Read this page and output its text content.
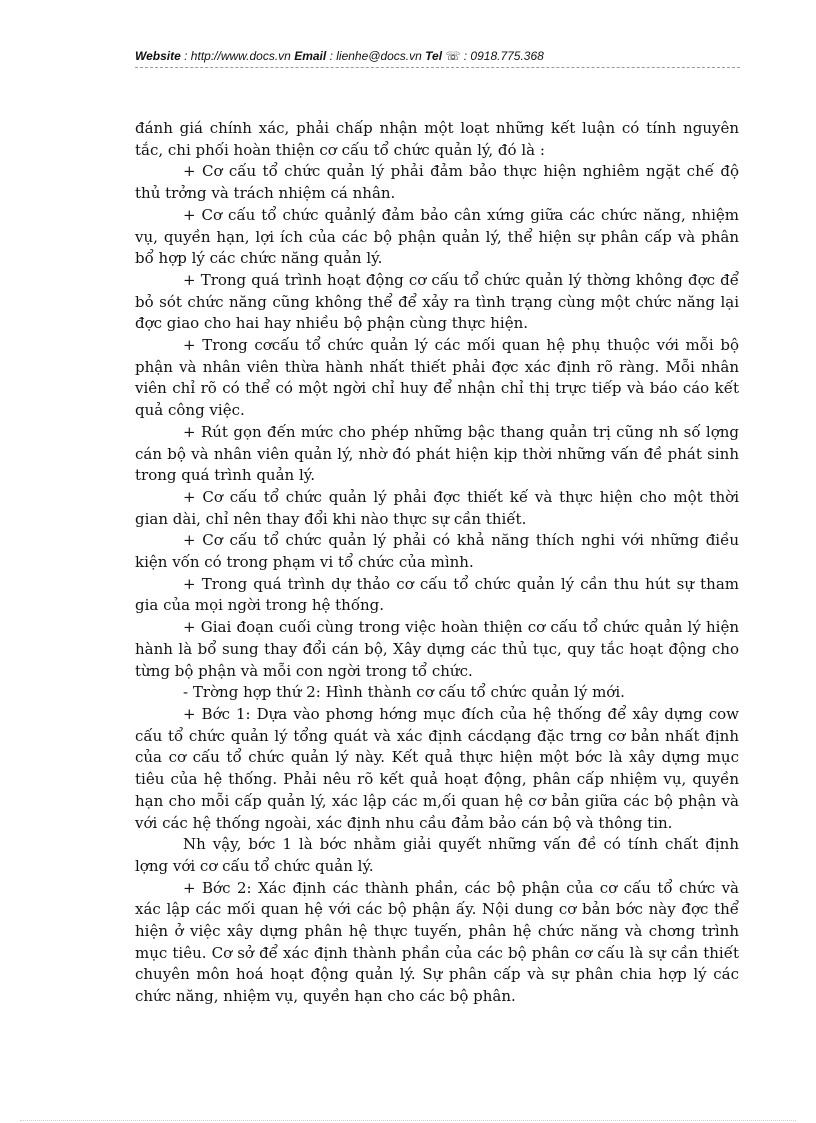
Website : http://www.docs.vn Email : lienhe@docs.vn Tel ☏ : 0918.775.368

đánh giá chính xác, phải chấp nhận một loạt những kết luận có tính nguyên tắc, chi phối hoàn thiện cơ cấu tổ chức quản lý, đó là :

+ Cơ cấu tổ chức quản lý phải đảm bảo thực hiện nghiêm ngặt chế độ thủ trởng và trách nhiệm cá nhân.

+ Cơ cấu tổ chức quảnlý đảm bảo cân xứng giữa các chức năng, nhiệm vụ, quyền hạn, lợi ích của các bộ phận quản lý, thể hiện sự phân cấp và phân bổ hợp lý các chức năng quản lý.

+ Trong quá trình hoạt động cơ cấu tổ chức quản lý thờng không đợc để bỏ sót chức năng cũng không thể để xảy ra tình trạng cùng một chức năng lại đợc giao cho hai hay nhiều bộ phận cùng thực hiện.

+ Trong cơcấu tổ chức quản lý các mối quan hệ phụ thuộc với mỗi bộ phận và nhân viên thừa hành nhất thiết phải đợc xác định rõ ràng. Mỗi nhân viên chỉ rõ có thể có một ngời chỉ huy để nhận chỉ thị trực tiếp và báo cáo kết quả công việc.

+ Rút gọn đến mức cho phép những bậc thang quản trị cũng nh số lợng cán bộ và nhân viên quản lý, nhờ đó phát hiện kịp thời những vấn đề phát sinh trong quá trình quản lý.

+ Cơ cấu tổ chức quản lý phải đợc thiết kế và thực hiện cho một thời gian dài, chỉ nên thay đổi khi nào thực sự cần thiết.

+ Cơ cấu tổ chức quản lý phải có khả năng thích nghi với những điều kiện vốn có trong phạm vi tổ chức của mình.

+ Trong quá trình dự thảo cơ cấu tổ chức quản lý cần thu hút sự tham gia của mọi ngời trong hệ thống.

+ Giai đoạn cuối cùng trong việc hoàn thiện cơ cấu tổ chức quản lý hiện hành là bổ sung thay đổi cán bộ, Xây dựng các thủ tục, quy tắc hoạt động cho từng bộ phận và mỗi con ngời trong tổ chức.

- Trờng hợp thứ 2: Hình thành cơ cấu tổ chức quản lý mới.

+ Bớc 1: Dựa vào phơng hớng mục đích của hệ thống để xây dựng cow cấu tổ chức quản lý tổng quát và xác định cácdạng đặc trng cơ bản nhất định của cơ cấu tổ chức quản lý này. Kết quả thực hiện một bớc là xây dựng mục tiêu của hệ thống. Phải nêu rõ kết quả hoạt động, phân cấp nhiệm vụ, quyền hạn cho mỗi cấp quản lý, xác lập các m,ối quan hệ cơ bản giữa các bộ phận và với các hệ thống ngoài, xác định nhu cầu đảm bảo cán bộ và thông tin.

Nh vậy, bớc 1 là bớc nhằm giải quyết những vấn đề có tính chất định lợng với cơ cấu tổ chức quản lý.

+ Bớc 2: Xác định các thành phần, các bộ phận của cơ cấu tổ chức và xác lập các mối quan hệ với các bộ phận ấy. Nội dung cơ bản bớc này đợc thể hiện ở việc xây dựng phân hệ thực tuyến, phân hệ chức năng và chơng trình mục tiêu. Cơ sở để xác định thành phần của các bộ phân cơ cấu là sự cần thiết chuyên môn hoá hoạt động quản lý. Sự phân cấp và sự phân chia hợp lý các chức năng, nhiệm vụ, quyền hạn cho các bộ phân.
